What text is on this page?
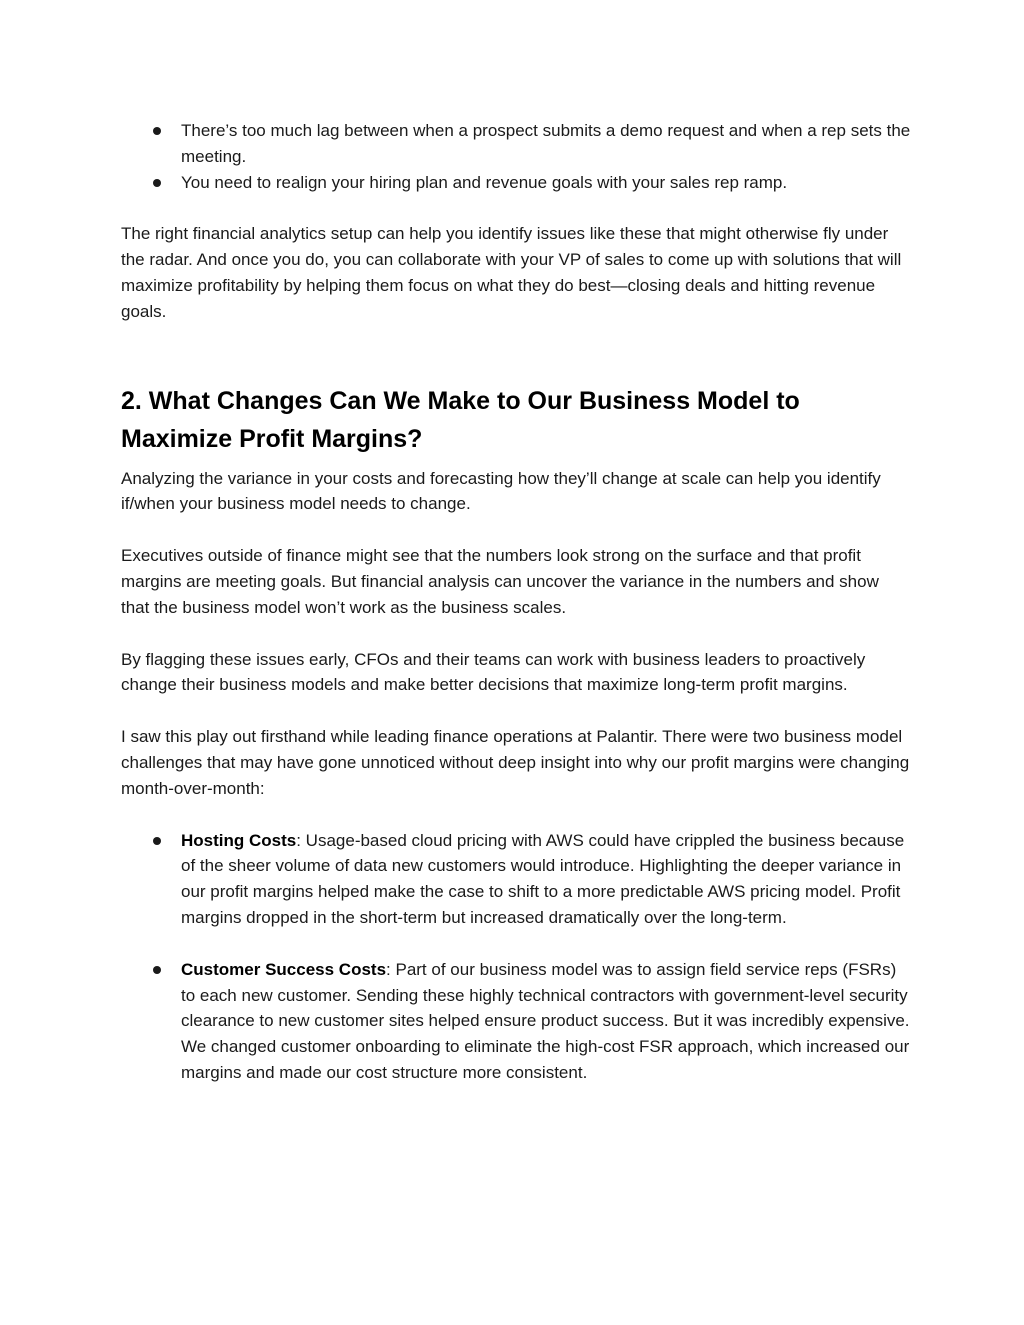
There’s too much lag between when a prospect submits a demo request and when a rep sets the meeting.
You need to realign your hiring plan and revenue goals with your sales rep ramp.

The right financial analytics setup can help you identify issues like these that might otherwise fly under the radar. And once you do, you can collaborate with your VP of sales to come up with solutions that will maximize profitability by helping them focus on what they do best—closing deals and hitting revenue goals.

2. What Changes Can We Make to Our Business Model to Maximize Profit Margins?

Analyzing the variance in your costs and forecasting how they’ll change at scale can help you identify if/when your business model needs to change.

Executives outside of finance might see that the numbers look strong on the surface and that profit margins are meeting goals. But financial analysis can uncover the variance in the numbers and show that the business model won’t work as the business scales.

By flagging these issues early, CFOs and their teams can work with business leaders to proactively change their business models and make better decisions that maximize long-term profit margins.

I saw this play out firsthand while leading finance operations at Palantir. There were two business model challenges that may have gone unnoticed without deep insight into why our profit margins were changing month-over-month:

Hosting Costs: Usage-based cloud pricing with AWS could have crippled the business because of the sheer volume of data new customers would introduce. Highlighting the deeper variance in our profit margins helped make the case to shift to a more predictable AWS pricing model. Profit margins dropped in the short-term but increased dramatically over the long-term.
Customer Success Costs: Part of our business model was to assign field service reps (FSRs) to each new customer. Sending these highly technical contractors with government-level security clearance to new customer sites helped ensure product success. But it was incredibly expensive. We changed customer onboarding to eliminate the high-cost FSR approach, which increased our margins and made our cost structure more consistent.
